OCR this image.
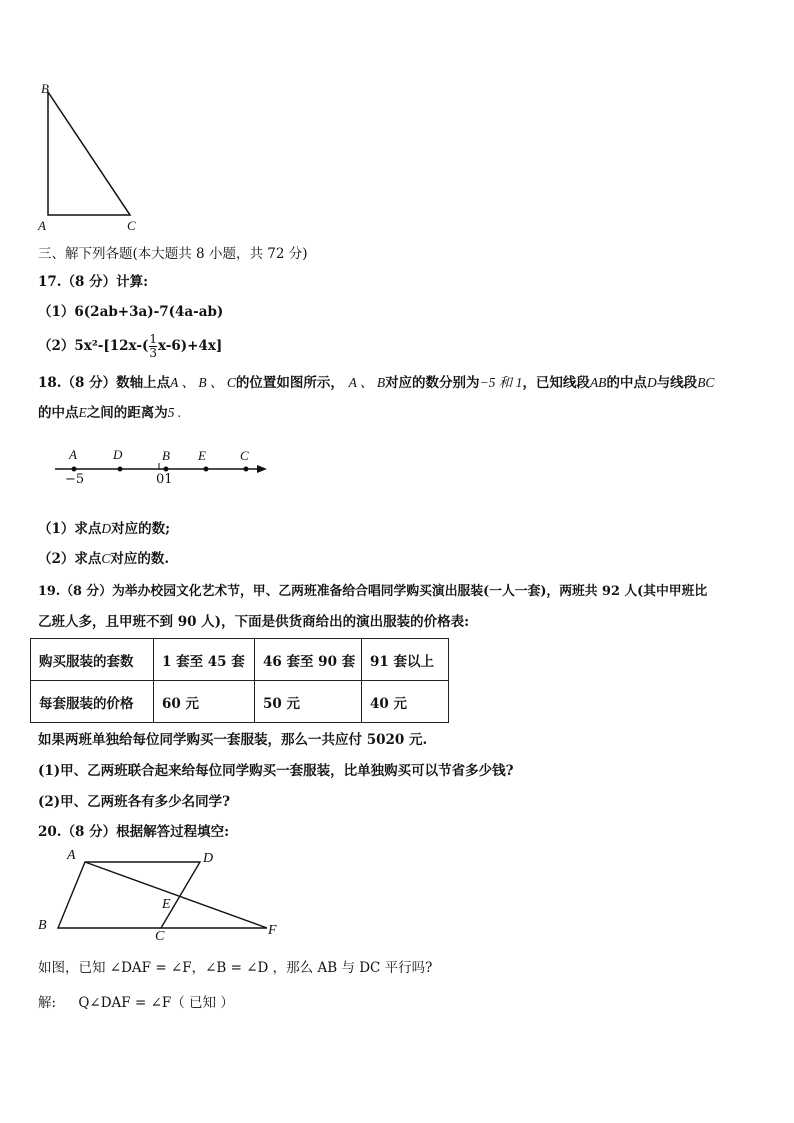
B
A	C
三、解下列各题(本大题共 8 小题，共 72 分)
17.（8 分）计算:
（1）6(2ab+3a)-7(4a-ab)
$(2)5x^2-[12x-( \frac{1}{3} x-6)+4x]$
18.（8 分）数轴上点A 、 B 、 C的位置如图所示， A 、 B对应的数分别为−5 和 1，已知线段AB的中点D与线段BC
的中点E之间的距离为5 .
A	D	B E	C
−5	01
（1）求点D对应的数;
（2）求点C对应的数.
19.（8 分）为举办校园文化艺术节，甲、乙两班准备给合唱同学购买演出服装(一人一套)，两班共 92 人(其中甲班比
乙班人多，且甲班不到 90 人)，下面是供货商给出的演出服装的价格表:
购买服装的套数	1 套至 45 套	46 套至 90 套	91 套以上
每套服装的价格	60 元	50 元	40 元
如果两班单独给每位同学购买一套服装，那么一共应付 5020 元.
(1)甲、乙两班联合起来给每位同学购买一套服装，比单独购买可以节省多少钱?
(2)甲、乙两班各有多少名同学?
20.（8 分）根据解答过程填空:
A	D
E
B
C	F
如图，已知 ∠DAF = ∠F，∠B = ∠D ，那么 AB 与 DC 平行吗?
解: Q∠DAF = ∠F（ 已知 ）
